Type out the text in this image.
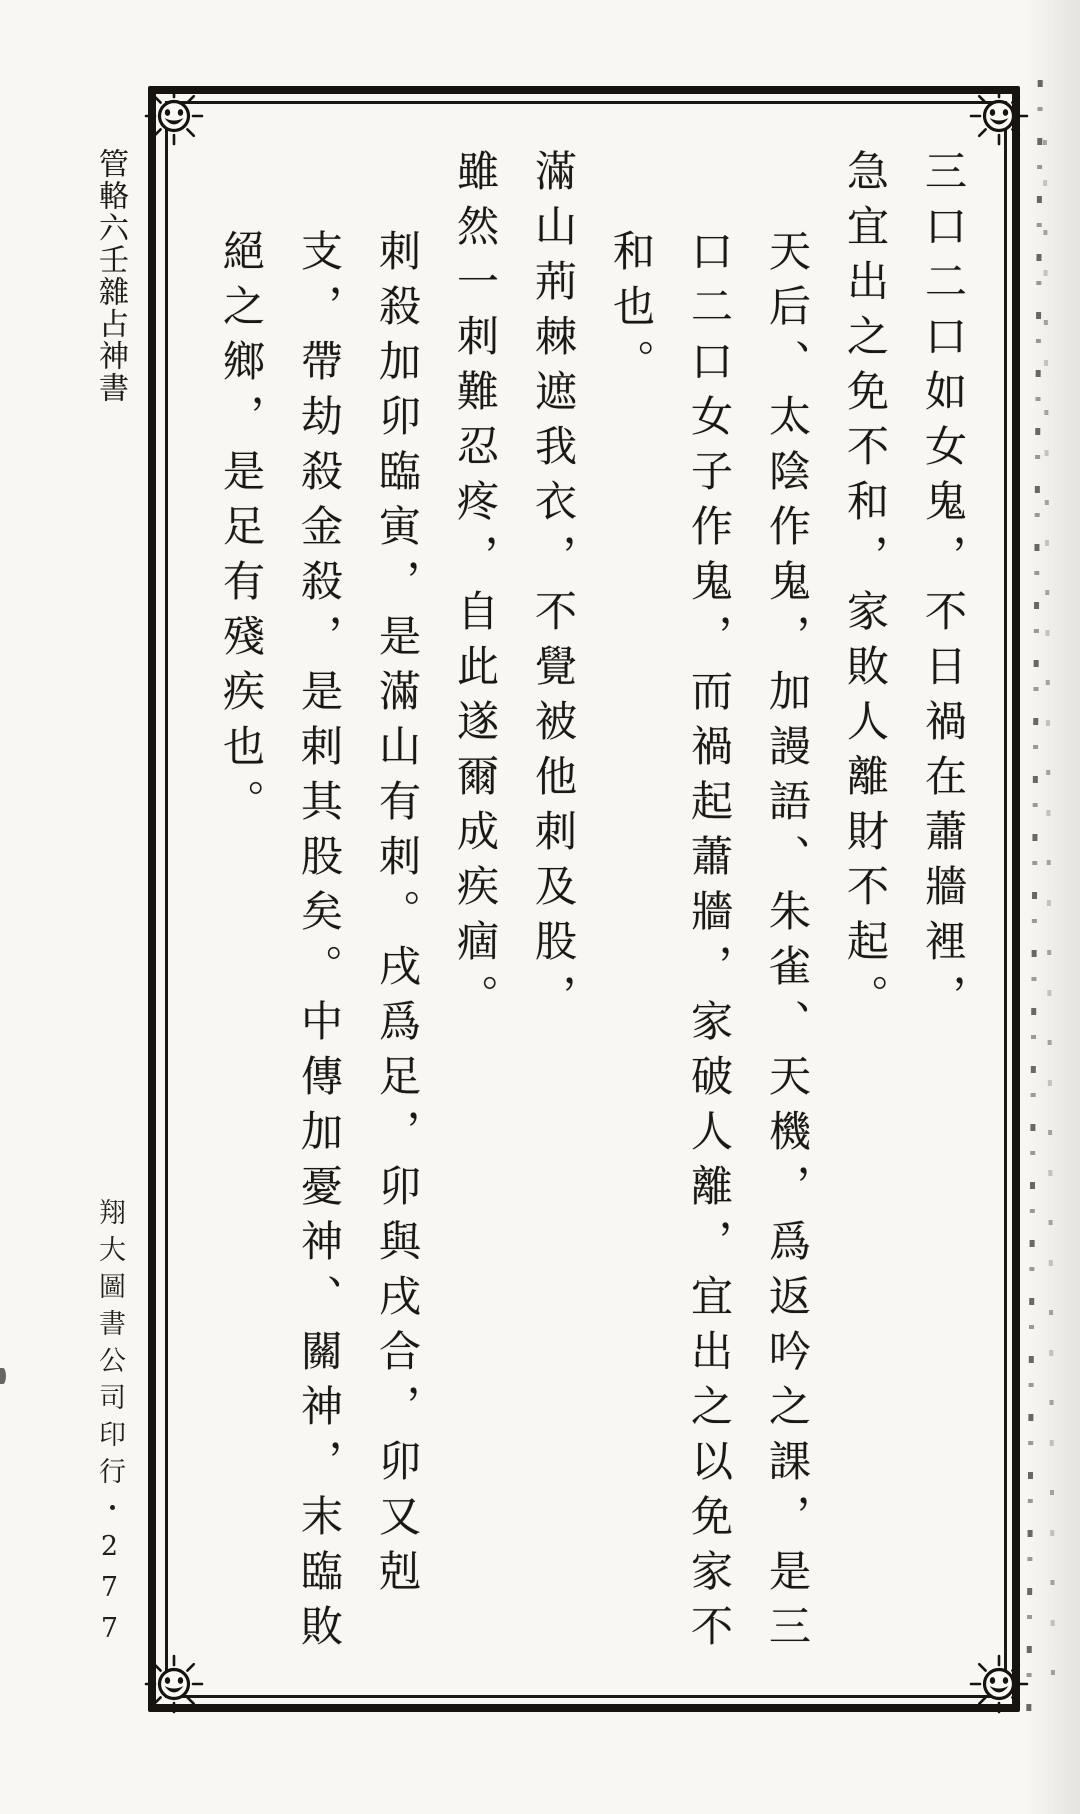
三口二口如女鬼，不日禍在蕭牆裡，
急宜出之免不和，家敗人離財不起。
天后、太陰作鬼，加謾語、朱雀、天機，爲返吟之課，是三
口二口女子作鬼，而禍起蕭牆，家破人離，宜出之以免家不
和也。
滿山荊棘遮我衣，不覺被他刺及股，
雖然一刺難忍疼，自此遂爾成疾痼。
刺殺加卯臨寅，是滿山有刺。戌爲足，卯與戌合，卯又剋
支，帶劫殺金殺，是剌其股矣。中傳加憂神、關神，末臨敗
絕之鄉，是足有殘疾也。
管輅六壬雜占神書
翔大圖書公司印行・277
